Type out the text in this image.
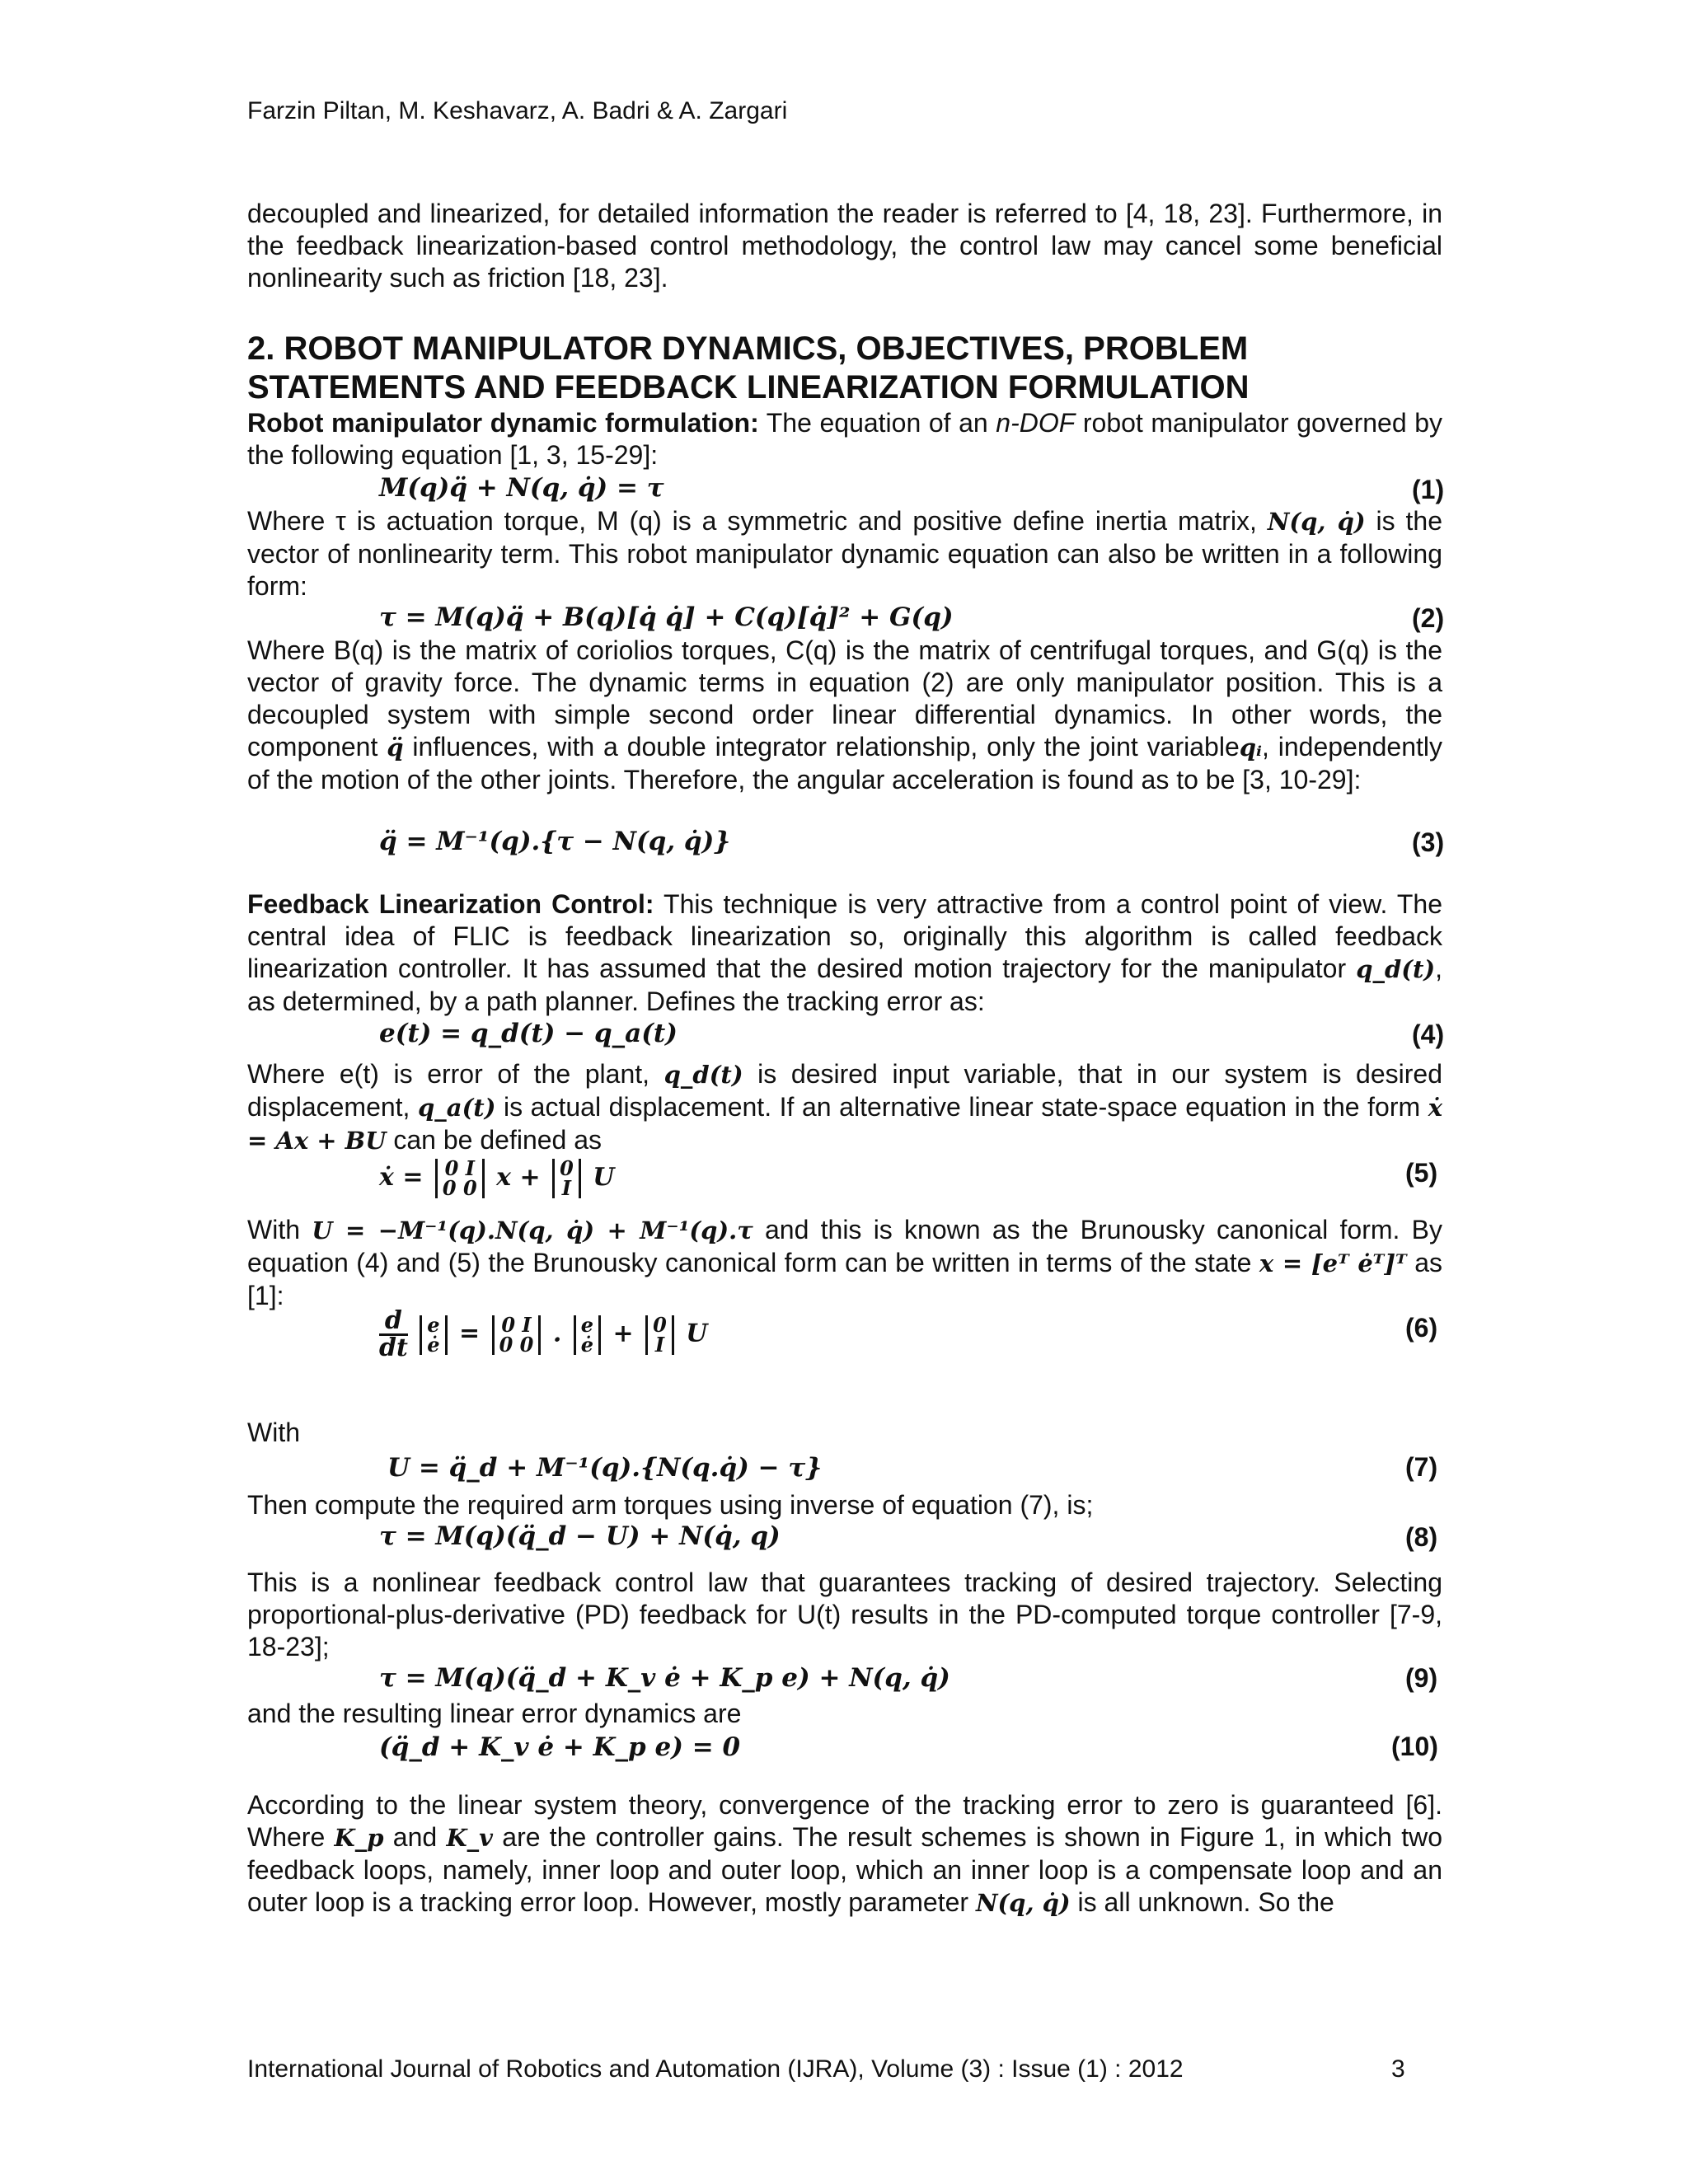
Farzin Piltan, M. Keshavarz, A. Badri & A. Zargari

decoupled and linearized, for detailed information the reader is referred to [4, 18, 23]. Furthermore, in the feedback linearization-based control methodology, the control law may cancel some beneficial nonlinearity such as friction [18, 23].

2. ROBOT MANIPULATOR DYNAMICS, OBJECTIVES, PROBLEM
STATEMENTS AND FEEDBACK LINEARIZATION FORMULATION

Robot manipulator dynamic formulation: The equation of an n-DOF robot manipulator governed by the following equation [1, 3, 15-29]:

M(q)q̈ + N(q, q̇) = τ	(1)

Where τ is actuation torque, M (q) is a symmetric and positive define inertia matrix, N(q, q̇) is the vector of nonlinearity term. This robot manipulator dynamic equation can also be written in a following form:

τ = M(q)q̈ + B(q)[q̇ q̇] + C(q)[q̇]² + G(q)	(2)

Where B(q) is the matrix of coriolios torques, C(q) is the matrix of centrifugal torques, and G(q) is the vector of gravity force. The dynamic terms in equation (2) are only manipulator position. This is a decoupled system with simple second order linear differential dynamics. In other words, the component q̈ influences, with a double integrator relationship, only the joint variableqᵢ, independently of the motion of the other joints. Therefore, the angular acceleration is found as to be [3, 10-29]:

q̈ = M⁻¹(q).{τ − N(q, q̇)}	(3)

Feedback Linearization Control: This technique is very attractive from a control point of view. The central idea of FLIC is feedback linearization so, originally this algorithm is called feedback linearization controller. It has assumed that the desired motion trajectory for the manipulator q_d(t), as determined, by a path planner. Defines the tracking error as:

e(t) = q_d(t) − q_a(t)	(4)

Where e(t) is error of the plant, q_d(t) is desired input variable, that in our system is desired displacement, q_a(t) is actual displacement. If an alternative linear state-space equation in the form ẋ = Ax + BU can be defined as

ẋ = 0 I
0 0 x + 0
I U	(5)

With U = −M⁻¹(q).N(q, q̇) + M⁻¹(q).τ and this is known as the Brunousky canonical form. By equation (4) and (5) the Brunousky canonical form can be written in terms of the state x = [eᵀ ėᵀ]ᵀ as [1]:

$\frac{d}{dt}$
e
ė = 0 I
0 0 . e
ė + 0
I U	(6)
With
U = q̈_d + M⁻¹(q).{N(q.q̇) − τ}	(7)

Then compute the required arm torques using inverse of equation (7), is;

τ = M(q)(q̈_d − U) + N(q̇, q)	(8)

This is a nonlinear feedback control law that guarantees tracking of desired trajectory. Selecting proportional-plus-derivative (PD) feedback for U(t) results in the PD-computed torque controller [7-9, 18-23];

τ = M(q)(q̈_d + K_v ė + K_p e) + N(q, q̇)	(9)

and the resulting linear error dynamics are

(q̈_d + K_v ė + K_p e) = 0	(10)

According to the linear system theory, convergence of the tracking error to zero is guaranteed [6]. Where K_p and K_v are the controller gains. The result schemes is shown in Figure 1, in which two feedback loops, namely, inner loop and outer loop, which an inner loop is a compensate loop and an outer loop is a tracking error loop. However, mostly parameter N(q, q̇) is all unknown. So the

International Journal of Robotics and Automation (IJRA), Volume (3) : Issue (1) : 2012	3
